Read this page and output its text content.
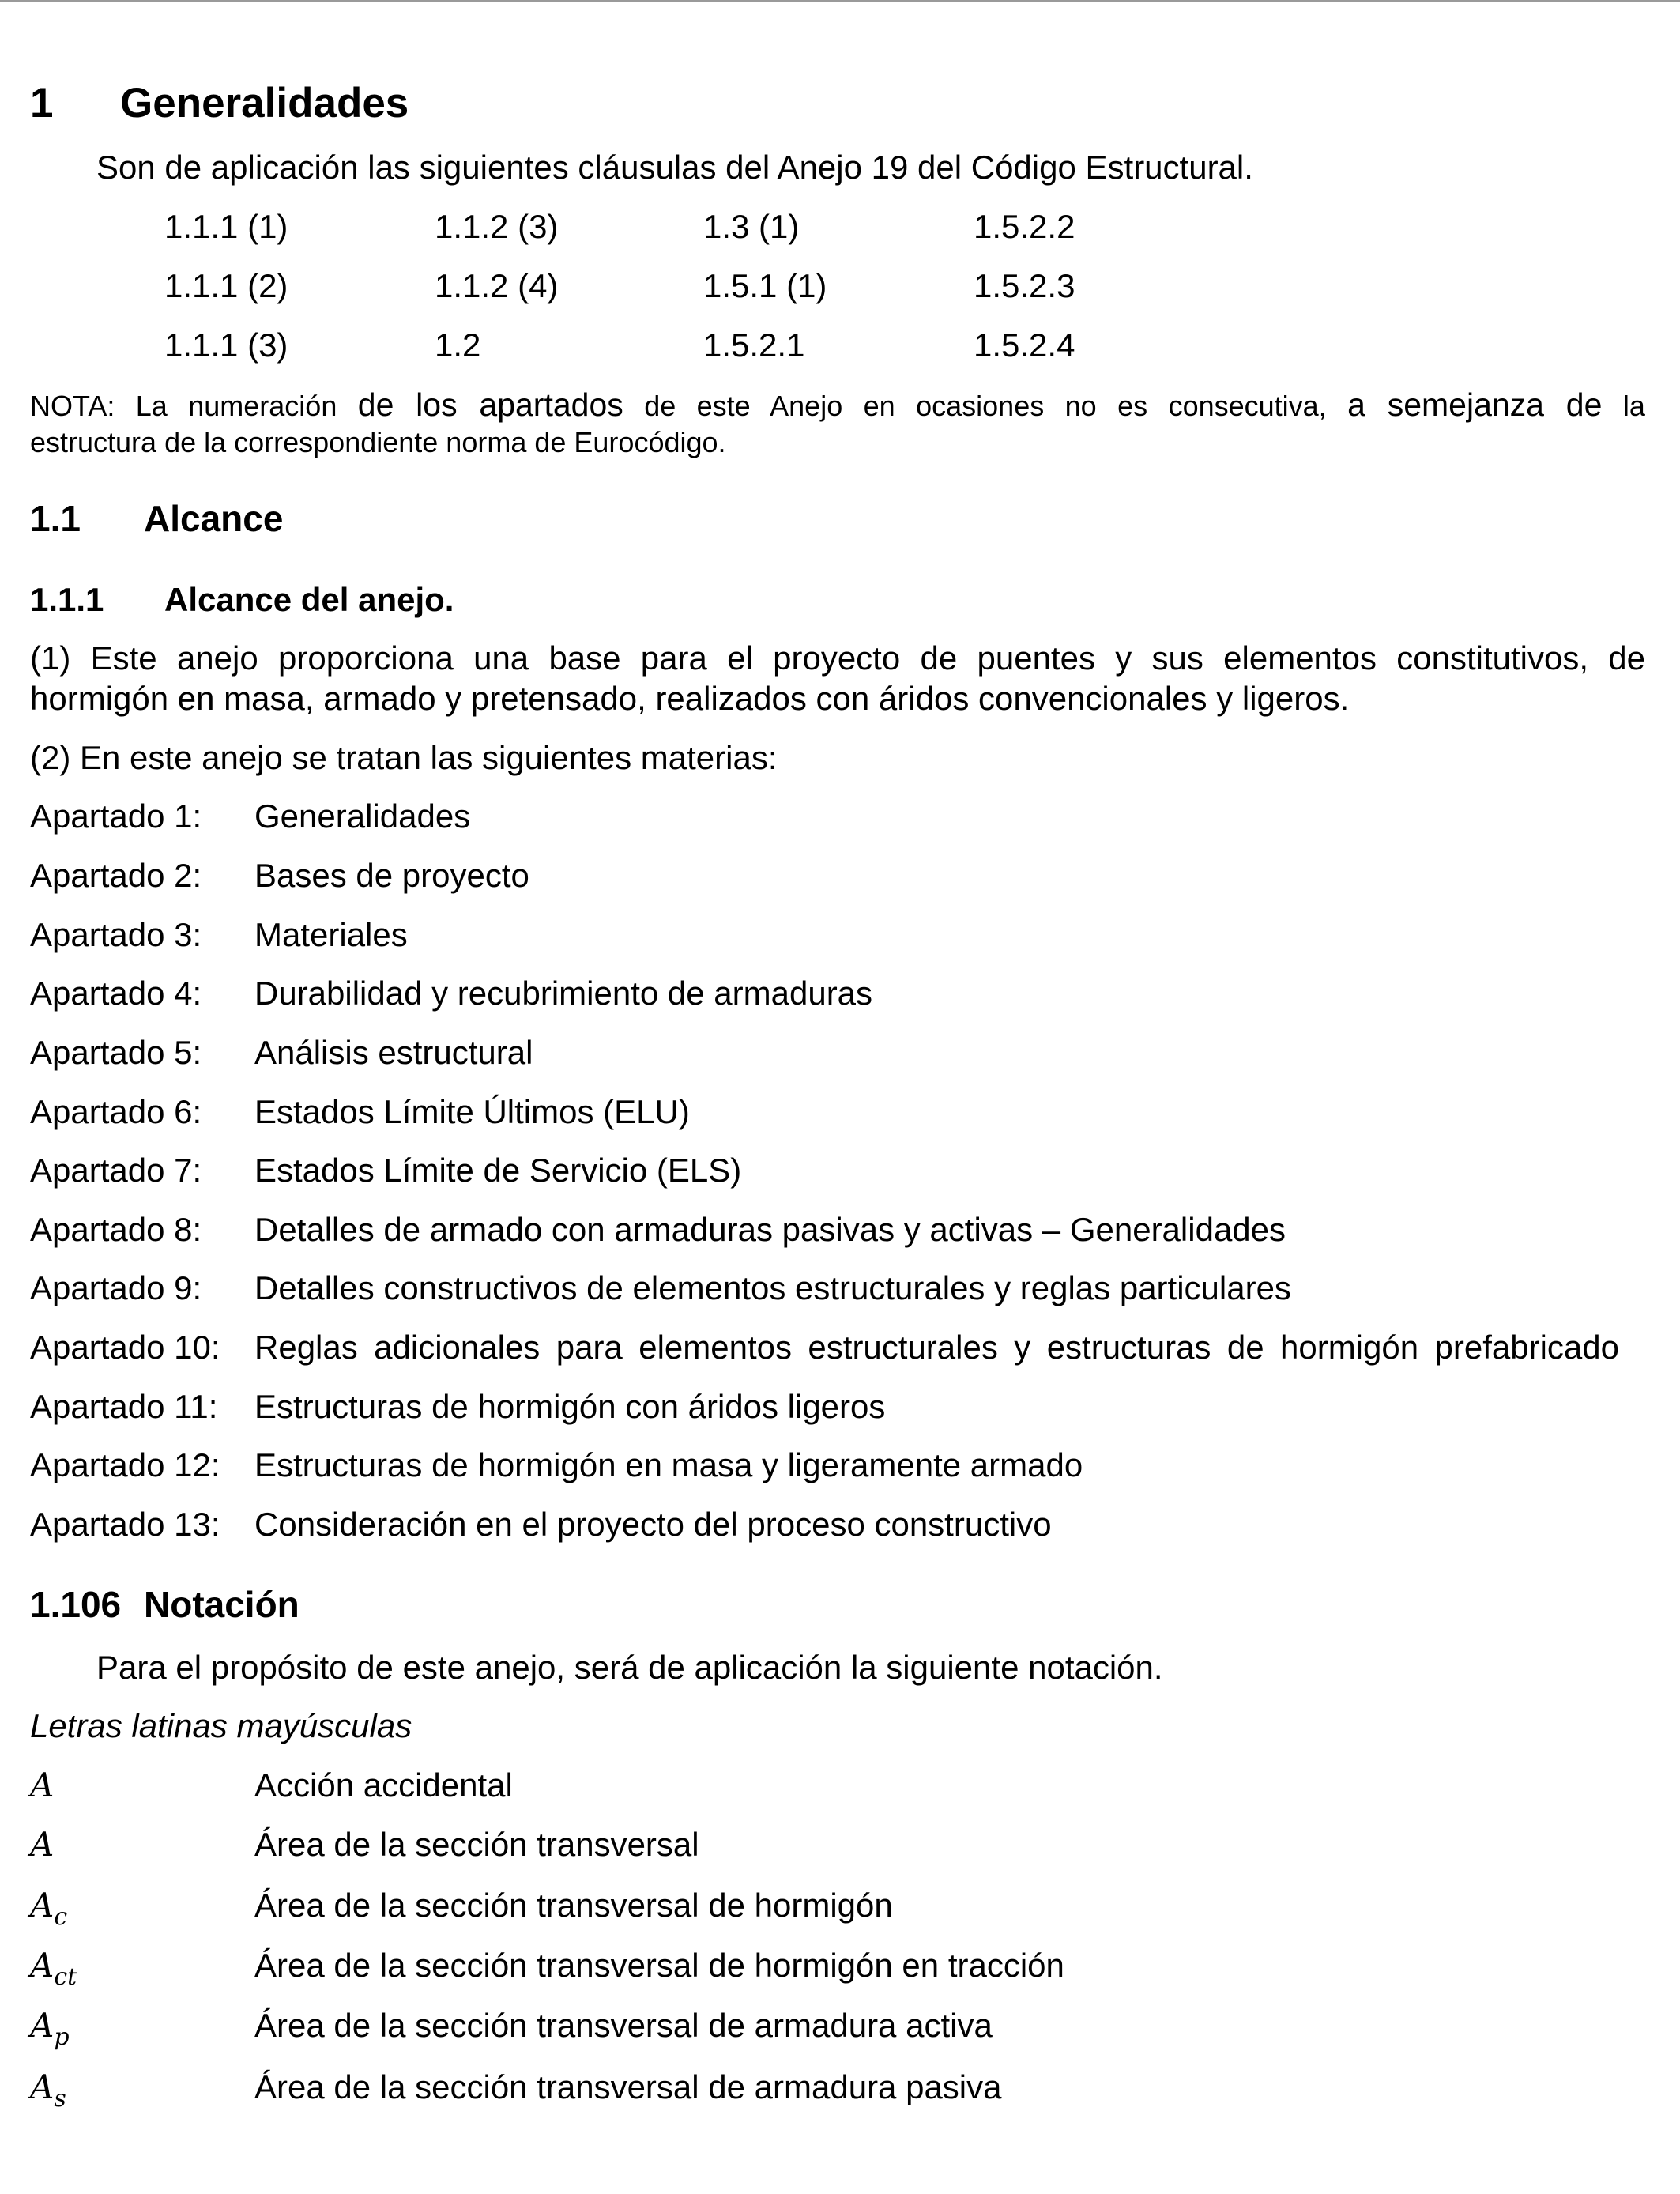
1 Generalidades
Son de aplicación las siguientes cláusulas del Anejo 19 del Código Estructural.
1.1.1 (1)	1.1.2 (3)	1.3 (1)	1.5.2.2
1.1.1 (2)	1.1.2 (4)	1.5.1 (1)	1.5.2.3
1.1.1 (3)	1.2	1.5.2.1	1.5.2.4
NOTA: La numeración de los apartados de este Anejo en ocasiones no es consecutiva, a semejanza de la
estructura de la correspondiente norma de Eurocódigo.
1.1 Alcance
1.1.1 Alcance del anejo.
(1) Este anejo proporciona una base para el proyecto de puentes y sus elementos constitutivos, de
hormigón en masa, armado y pretensado, realizados con áridos convencionales y ligeros.
(2) En este anejo se tratan las siguientes materias:
Apartado 1: Generalidades
Apartado 2: Bases de proyecto
Apartado 3: Materiales
Apartado 4: Durabilidad y recubrimiento de armaduras
Apartado 5: Análisis estructural
Apartado 6: Estados Límite Últimos (ELU)
Apartado 7: Estados Límite de Servicio (ELS)
Apartado 8: Detalles de armado con armaduras pasivas y activas – Generalidades
Apartado 9: Detalles constructivos de elementos estructurales y reglas particulares
Apartado 10: Reglas adicionales para elementos estructurales y estructuras de hormigón prefabricado
Apartado 11: Estructuras de hormigón con áridos ligeros
Apartado 12: Estructuras de hormigón en masa y ligeramente armado
Apartado 13: Consideración en el proyecto del proceso constructivo
1.106 Notación
Para el propósito de este anejo, será de aplicación la siguiente notación.
Letras latinas mayúsculas
A	Acción accidental
A	Área de la sección transversal
$A_c$	Área de la sección transversal de hormigón
$A_{ct}$	Área de la sección transversal de hormigón en tracción
$A_p$	Área de la sección transversal de armadura activa
$A_s$	Área de la sección transversal de armadura pasiva
